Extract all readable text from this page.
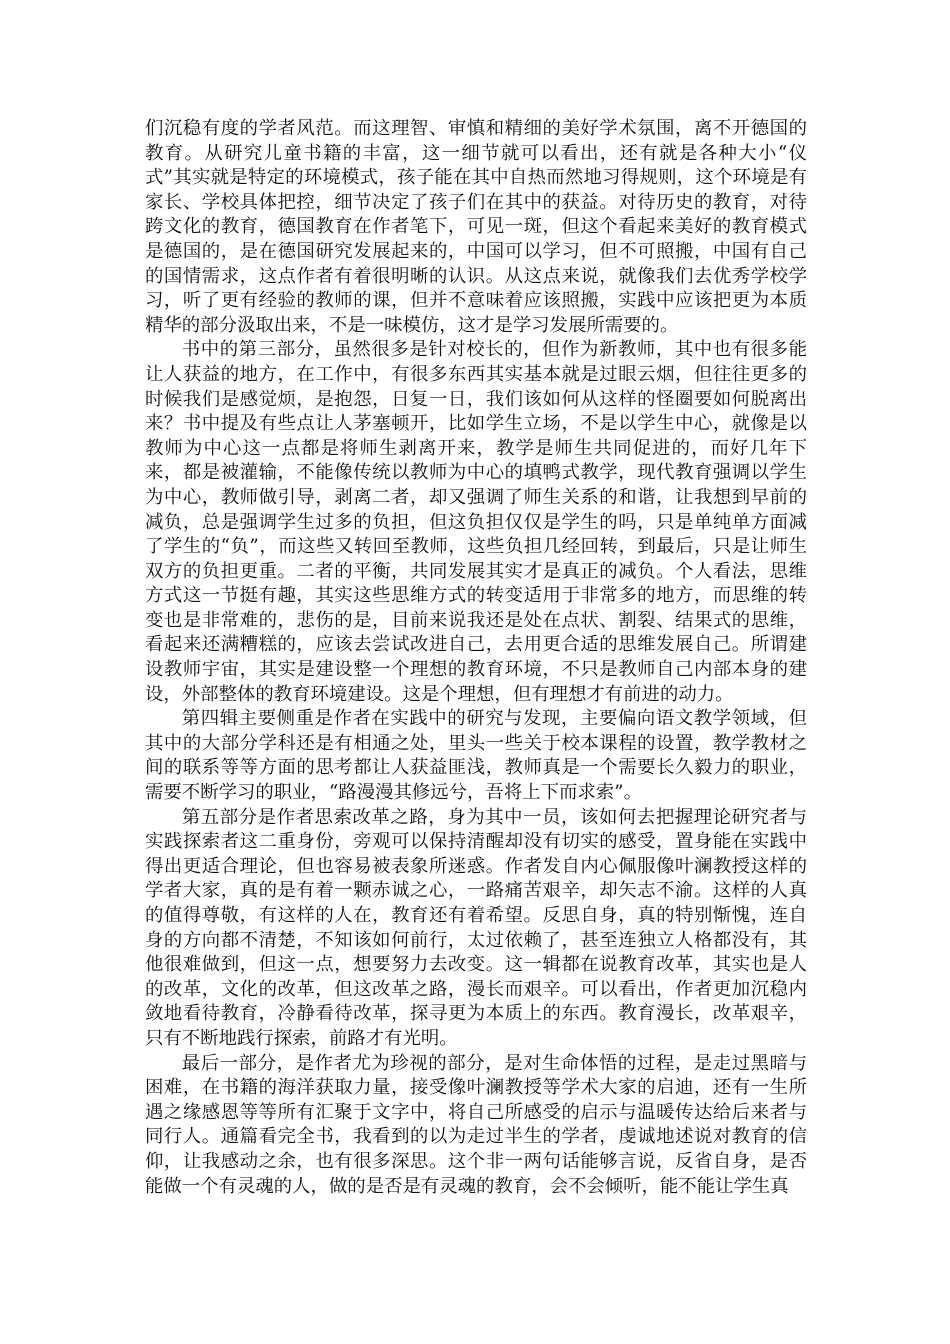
们沉稳有度的学者风范。而这理智、审慎和精细的美好学术氛围，离不开德国的教育。从研究儿童书籍的丰富，这一细节就可以看出，还有就是各种大小“仪式”其实就是特定的环境模式，孩子能在其中自热而然地习得规则，这个环境是有家长、学校具体把控，细节决定了孩子们在其中的获益。对待历史的教育，对待跨文化的教育，德国教育在作者笔下，可见一斑，但这个看起来美好的教育模式是德国的，是在德国研究发展起来的，中国可以学习，但不可照搬，中国有自己的国情需求，这点作者有着很明晰的认识。从这点来说，就像我们去优秀学校学习，听了更有经验的教师的课，但并不意味着应该照搬，实践中应该把更为本质精华的部分汲取出来，不是一味模仿，这才是学习发展所需要的。

书中的第三部分，虽然很多是针对校长的，但作为新教师，其中也有很多能让人获益的地方，在工作中，有很多东西其实基本就是过眼云烟，但往往更多的时候我们是感觉烦，是抱怨，日复一日，我们该如何从这样的怪圈要如何脱离出来？书中提及有些点让人茅塞顿开，比如学生立场，不是以学生中心，就像是以教师为中心这一点都是将师生剥离开来，教学是师生共同促进的，而好几年下来，都是被灌输，不能像传统以教师为中心的填鸭式教学，现代教育强调以学生为中心，教师做引导，剥离二者，却又强调了师生关系的和谐，让我想到早前的减负，总是强调学生过多的负担，但这负担仅仅是学生的吗，只是单纯单方面减了学生的“负”，而这些又转回至教师，这些负担几经回转，到最后，只是让师生双方的负担更重。二者的平衡，共同发展其实才是真正的减负。个人看法，思维方式这一节挺有趣，其实这些思维方式的转变适用于非常多的地方，而思维的转变也是非常难的，悲伤的是，目前来说我还是处在点状、割裂、结果式的思维，看起来还满糟糕的，应该去尝试改进自己，去用更合适的思维发展自己。所谓建设教师宇宙，其实是建设整一个理想的教育环境，不只是教师自己内部本身的建设，外部整体的教育环境建设。这是个理想，但有理想才有前进的动力。

第四辑主要侧重是作者在实践中的研究与发现，主要偏向语文教学领域，但其中的大部分学科还是有相通之处，里头一些关于校本课程的设置，教学教材之间的联系等等方面的思考都让人获益匪浅，教师真是一个需要长久毅力的职业，需要不断学习的职业，“路漫漫其修远兮，吾将上下而求索”。

第五部分是作者思索改革之路，身为其中一员，该如何去把握理论研究者与实践探索者这二重身份，旁观可以保持清醒却没有切实的感受，置身能在实践中得出更适合理论，但也容易被表象所迷惑。作者发自内心佩服像叶澜教授这样的学者大家，真的是有着一颗赤诚之心，一路痛苦艰辛，却矢志不渝。这样的人真的值得尊敬，有这样的人在，教育还有着希望。反思自身，真的特别惭愧，连自身的方向都不清楚，不知该如何前行，太过依赖了，甚至连独立人格都没有，其他很难做到，但这一点，想要努力去改变。这一辑都在说教育改革，其实也是人的改革，文化的改革，但这改革之路，漫长而艰辛。可以看出，作者更加沉稳内敛地看待教育，冷静看待改革，探寻更为本质上的东西。教育漫长，改革艰辛，只有不断地践行探索，前路才有光明。

最后一部分，是作者尤为珍视的部分，是对生命体悟的过程，是走过黑暗与困难，在书籍的海洋获取力量，接受像叶澜教授等学术大家的启迪，还有一生所遇之缘感恩等等所有汇聚于文字中，将自己所感受的启示与温暖传达给后来者与同行人。通篇看完全书，我看到的以为走过半生的学者，虔诚地述说对教育的信仰，让我感动之余，也有很多深思。这个非一两句话能够言说，反省自身，是否能做一个有灵魂的人，做的是否是有灵魂的教育，会不会倾听，能不能让学生真
